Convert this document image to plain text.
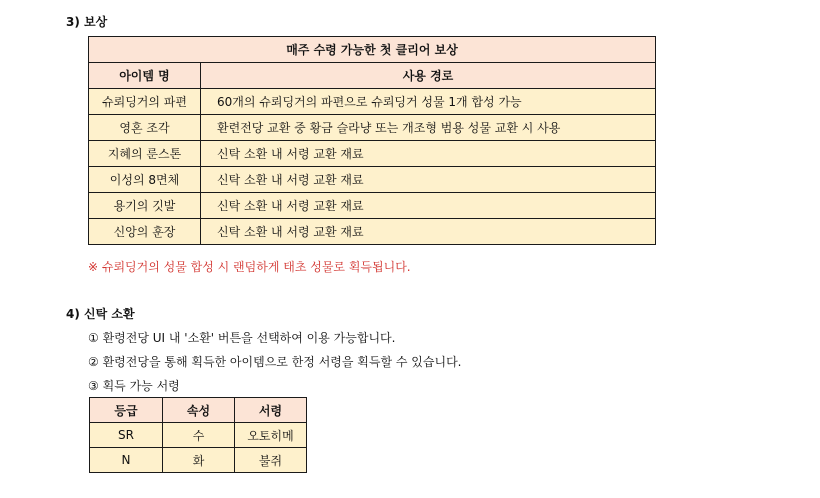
3) 보상
매주 수령 가능한 첫 클리어 보상	
아이템 명	사용 경로
슈뢰딩거의 파편	60개의 슈뢰딩거의 파편으로 슈뢰딩거 성물 1개 합성 가능
영혼 조각	환련전당 교환 중 황금 슬라냥 또는 개조형 범용 성물 교환 시 사용
지혜의 룬스톤	신탁 소환 내 서령 교환 재료
이성의 8면체	신탁 소환 내 서령 교환 재료
용기의 깃발	신탁 소환 내 서령 교환 재료
신앙의 훈장	신탁 소환 내 서령 교환 재료
※ 슈뢰딩거의 성물 합성 시 랜덤하게 태초 성물로 획득됩니다.
4) 신탁 소환
① 환령전당 UI 내 '소환' 버튼을 선택하여 이용 가능합니다.
② 환령전당을 통해 획득한 아이템으로 한정 서령을 획득할 수 있습니다.
③ 획득 가능 서령
등급	속성	서령
SR	수	오토히메
N	화	불쥐
